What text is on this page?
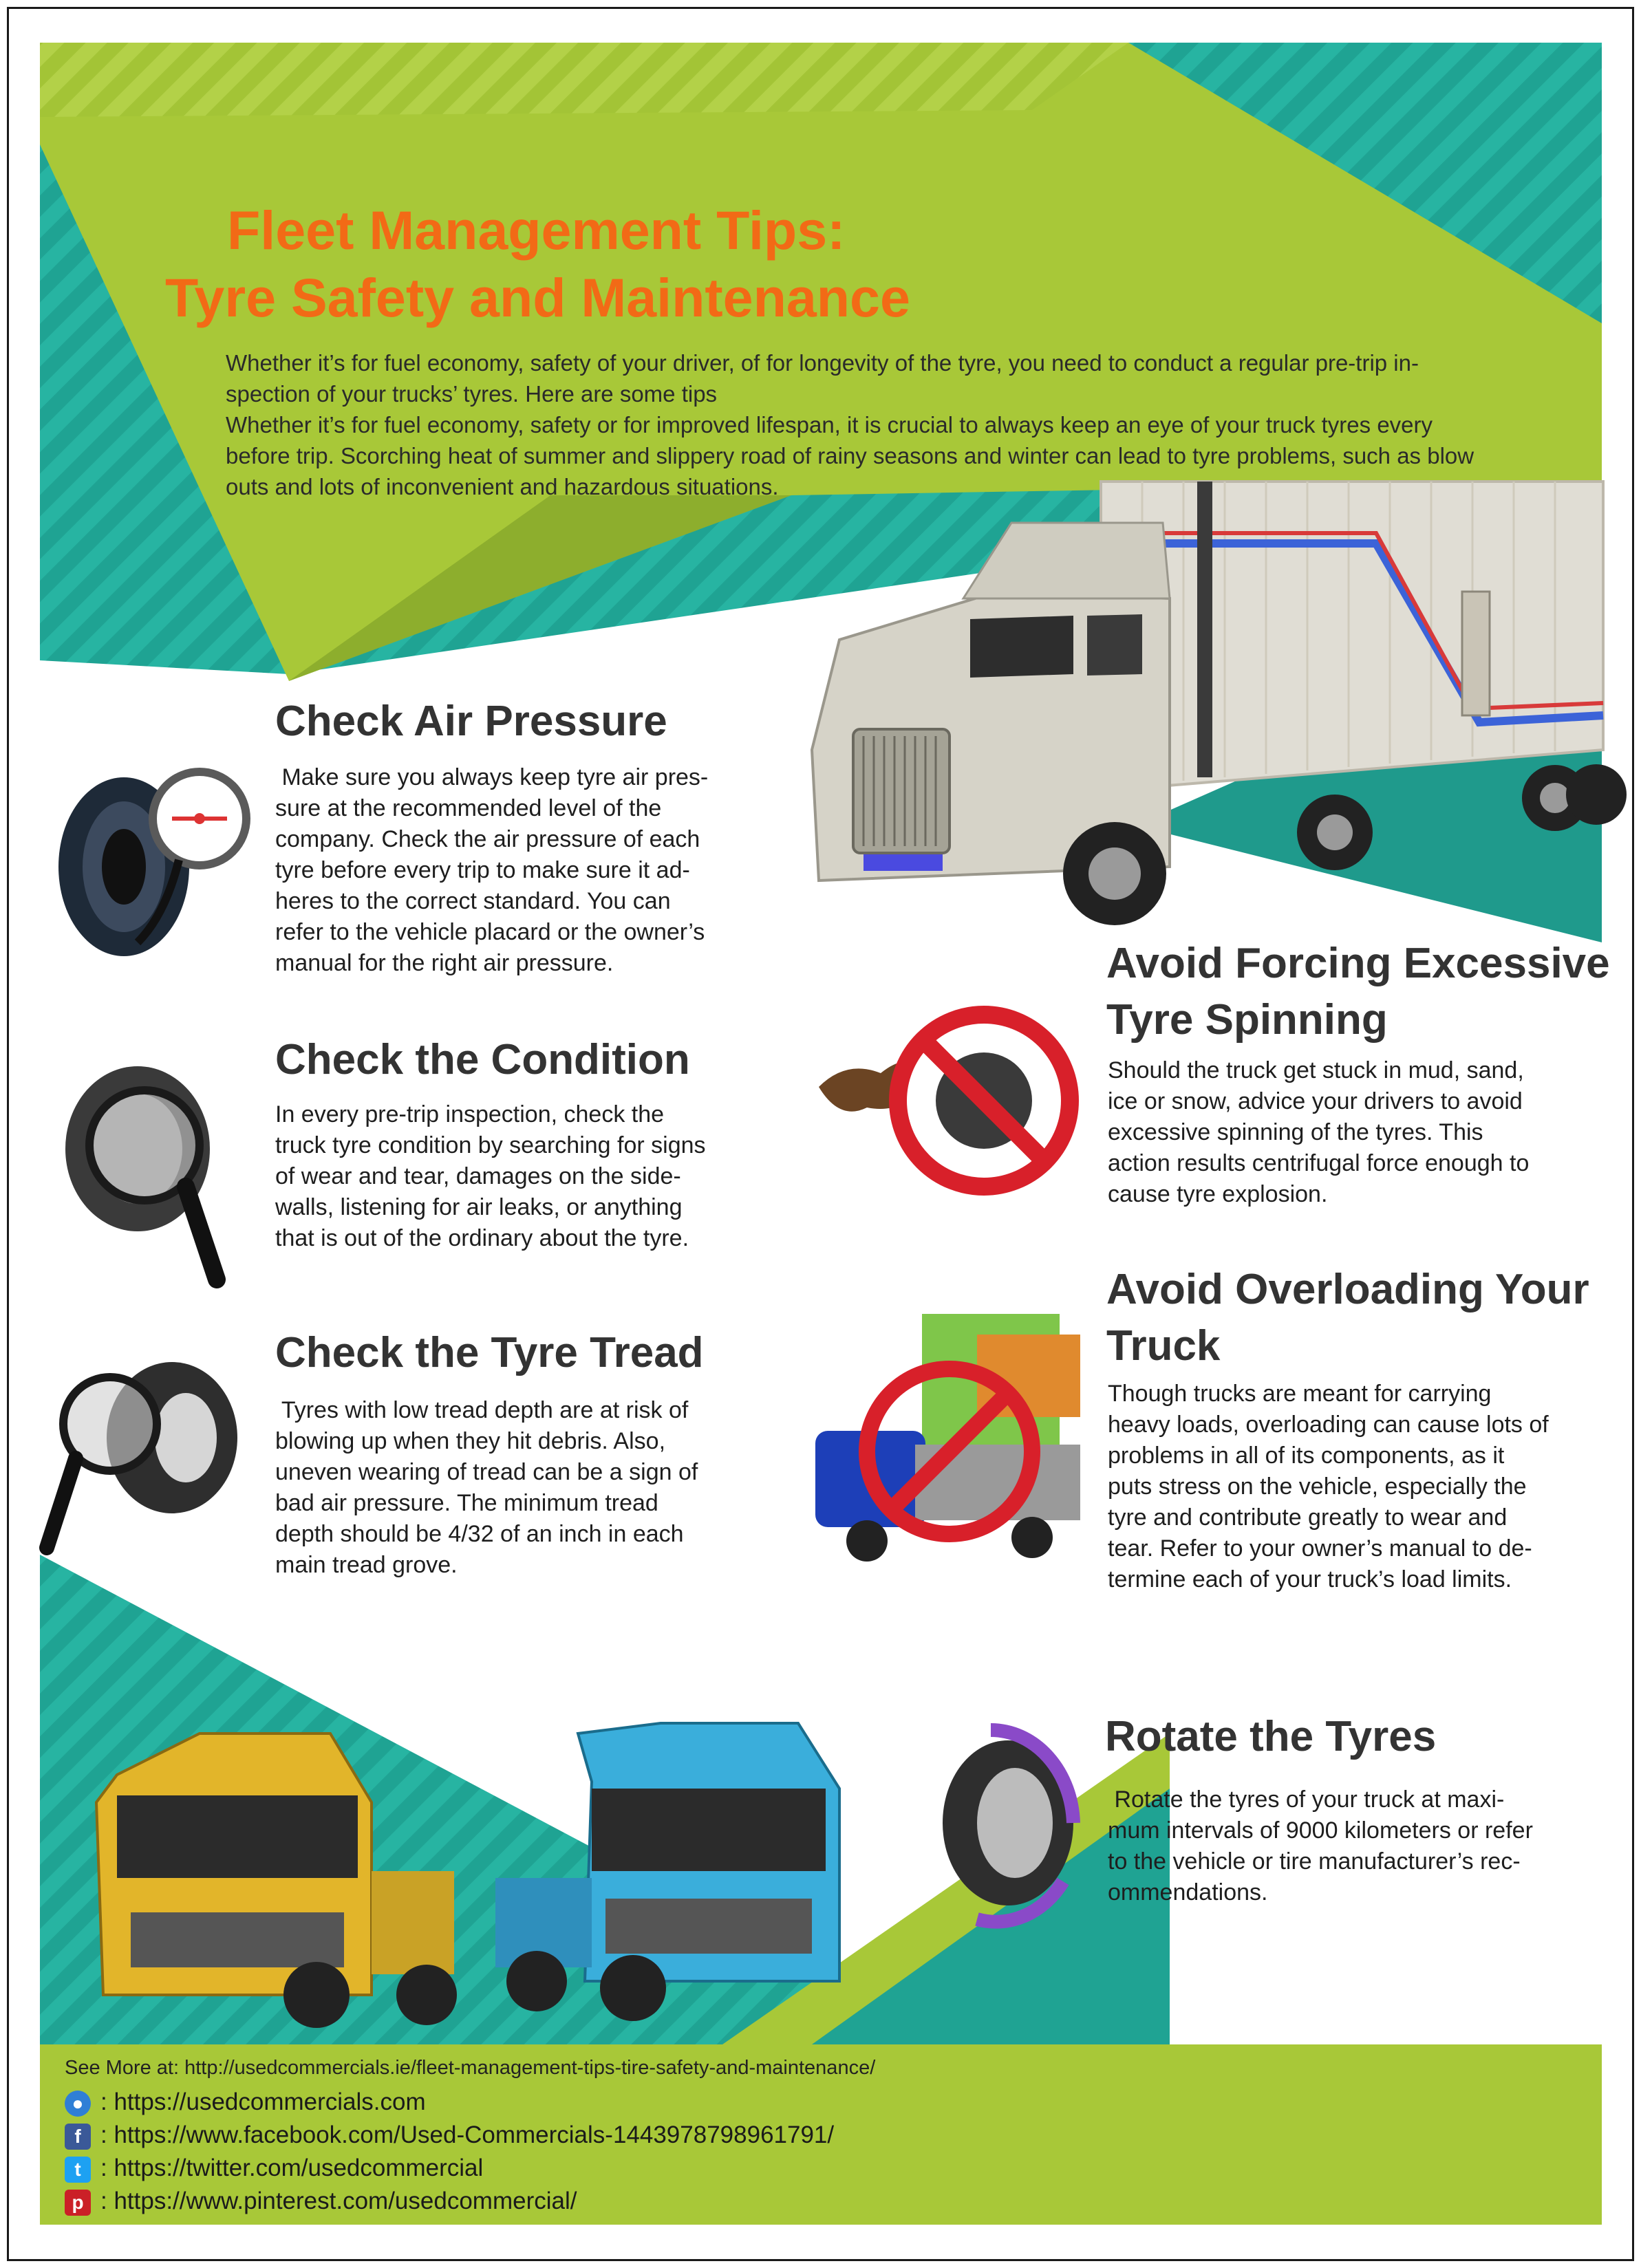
Fleet Management Tips:
Tyre Safety and Maintenance
Whether it’s for fuel economy, safety of your driver, of for longevity of the tyre, you need to conduct a regular pre-trip in-
spection of your trucks’ tyres. Here are some tips
Whether it’s for fuel economy, safety or for improved lifespan, it is crucial to always keep an eye of your truck tyres every
before trip. Scorching heat of summer and slippery road of rainy seasons and winter can lead to tyre problems, such as blow
outs and lots of inconvenient and hazardous situations.
Check Air Pressure
Make sure you always keep tyre air pres-
sure at the recommended level of the
company. Check the air pressure of each
tyre before every trip to make sure it ad-
heres to the correct standard. You can
refer to the vehicle placard or the owner’s
manual for the right air pressure.
Check the Condition
In every pre-trip inspection, check the
truck tyre condition by searching for signs
of wear and tear, damages on the side-
walls, listening for air leaks, or anything
that is out of the ordinary about the tyre.
Check the Tyre Tread
Tyres with low tread depth are at risk of
blowing up when they hit debris. Also,
uneven wearing of tread can be a sign of
bad air pressure. The minimum tread
depth should be 4/32 of an inch in each
main tread grove.
Avoid Forcing Excessive
Tyre Spinning
Should the truck get stuck in mud, sand,
ice or snow, advice your drivers to avoid
excessive spinning of the tyres. This
action results centrifugal force enough to
cause tyre explosion.
Avoid Overloading Your
Truck
Though trucks are meant for carrying
heavy loads, overloading can cause lots of
problems in all of its components, as it
puts stress on the vehicle, especially the
tyre and contribute greatly to wear and
tear. Refer to your owner’s manual to de-
termine each of your truck’s load limits.
Rotate the Tyres
Rotate the tyres of your truck at maxi-
mum intervals of 9000 kilometers or refer
to the vehicle or tire manufacturer’s rec-
ommendations.
See More at: http://usedcommercials.ie/fleet-management-tips-tire-safety-and-maintenance/
● : https://usedcommercials.com
f : https://www.facebook.com/Used-Commercials-1443978798961791/
t : https://twitter.com/usedcommercial
p : https://www.pinterest.com/usedcommercial/
